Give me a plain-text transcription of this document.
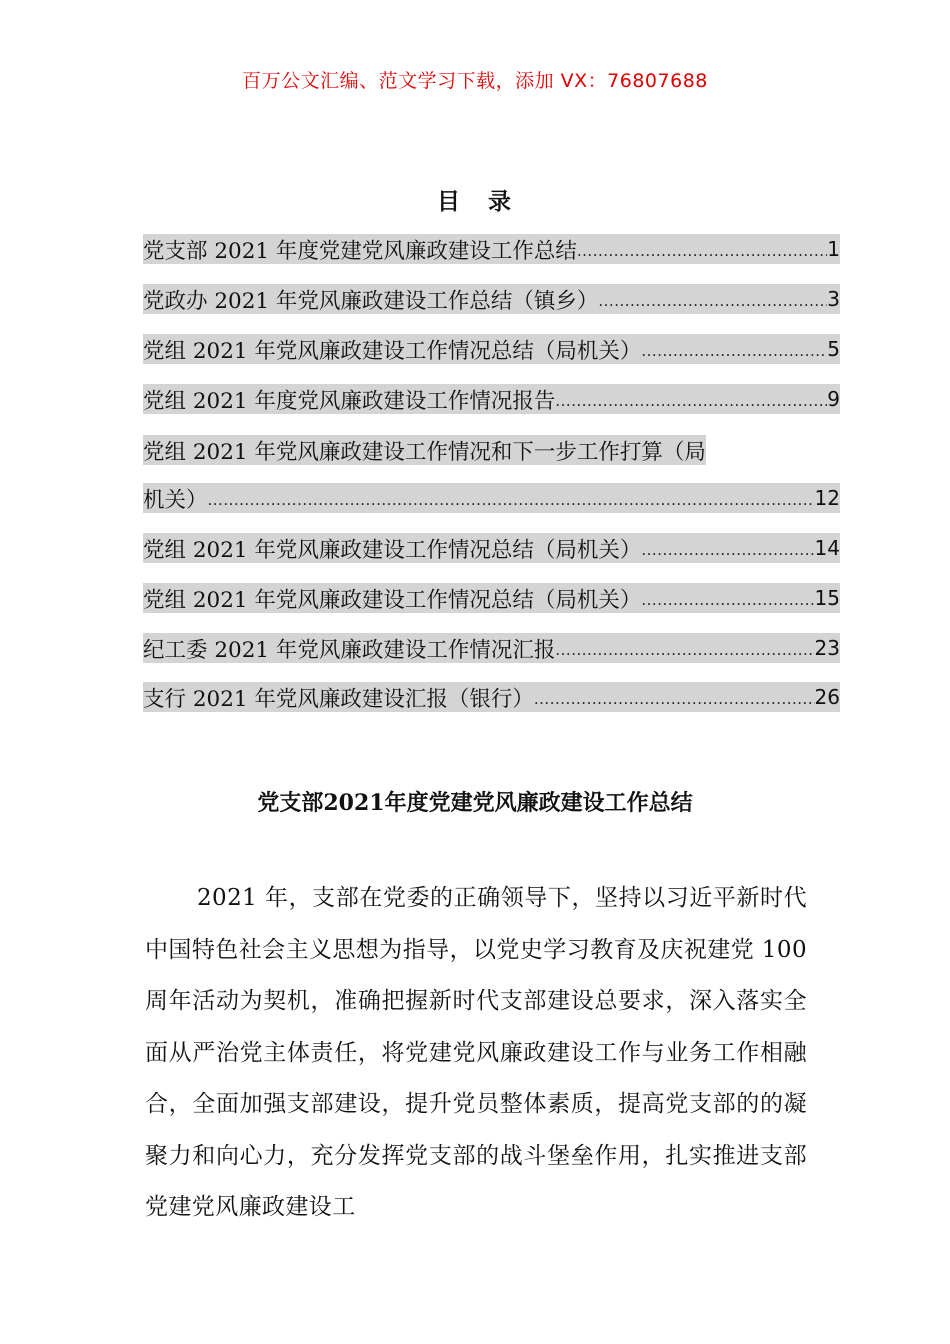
百万公文汇编、范文学习下载，添加 VX：76807688
目 录
党支部 2021 年度党建党风廉政建设工作总结 .....	1
党政办 2021 年党风廉政建设工作总结（镇乡） .....	3
党组 2021 年党风廉政建设工作情况总结（局机关） .....	5
党组 2021 年度党风廉政建设工作情况报告 .....	9
党组 2021 年党风廉政建设工作情况和下一步工作打算（局
机关） .....	12
党组 2021 年党风廉政建设工作情况总结（局机关） .....	14
党组 2021 年党风廉政建设工作情况总结（局机关） .....	15
纪工委 2021 年党风廉政建设工作情况汇报 .....	23
支行 2021 年党风廉政建设汇报（银行） .....	26
党支部2021年度党建党风廉政建设工作总结
2021 年，支部在党委的正确领导下，坚持以习近平新时代中国特色社会主义思想为指导，以党史学习教育及庆祝建党 100 周年活动为契机，准确把握新时代支部建设总要求，深入落实全面从严治党主体责任，将党建党风廉政建设工作与业务工作相融合，全面加强支部建设，提升党员整体素质，提高党支部的的凝聚力和向心力，充分发挥党支部的战斗堡垒作用，扎实推进支部党建党风廉政建设工
